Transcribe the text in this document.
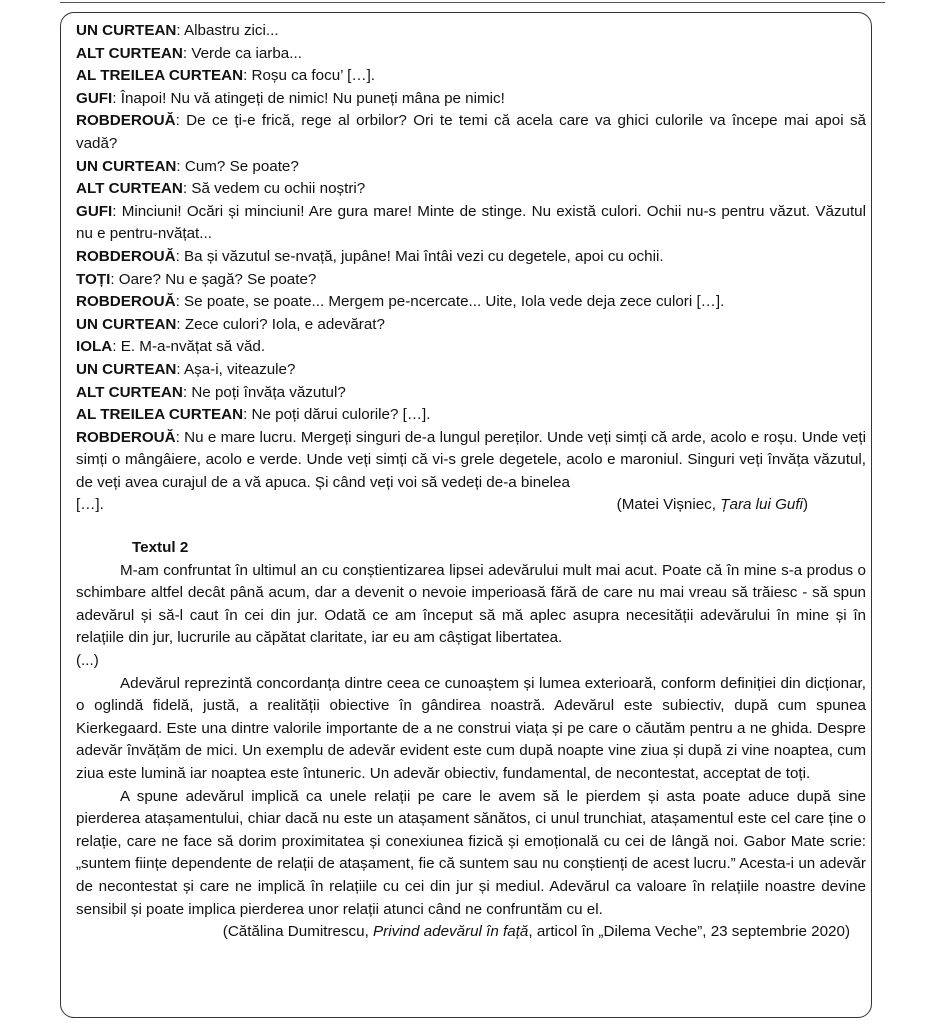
UN CURTEAN: Albastru zici...

ALT CURTEAN: Verde ca iarba...

AL TREILEA CURTEAN: Roșu ca focu’ […].

GUFI: Înapoi! Nu vă atingeți de nimic! Nu puneți mâna pe nimic!

ROBDEROUĂ: De ce ți-e frică, rege al orbilor? Ori te temi că acela care va ghici culorile va începe mai apoi să vadă?

UN CURTEAN: Cum? Se poate?

ALT CURTEAN: Să vedem cu ochii noștri?

GUFI: Minciuni! Ocări și minciuni! Are gura mare! Minte de stinge. Nu există culori. Ochii nu-s pentru văzut. Văzutul nu e pentru-nvățat...

ROBDEROUĂ: Ba și văzutul se-nvață, jupâne! Mai întâi vezi cu degetele, apoi cu ochii.

TOȚI: Oare? Nu e șagă? Se poate?

ROBDEROUĂ: Se poate, se poate... Mergem pe-ncercate... Uite, Iola vede deja zece culori […].

UN CURTEAN: Zece culori? Iola, e adevărat?

IOLA: E. M-a-nvățat să văd.

UN CURTEAN: Așa-i, viteazule?

ALT CURTEAN: Ne poți învăța văzutul?

AL TREILEA CURTEAN: Ne poți dărui culorile? […].

ROBDEROUĂ: Nu e mare lucru. Mergeți singuri de-a lungul pereților. Unde veți simți că arde, acolo e roșu. Unde veți simți o mângâiere, acolo e verde. Unde veți simți că vi-s grele degetele, acolo e maroniul. Singuri veți învăța văzutul, de veți avea curajul de a vă apuca. Și când veți voi să vedeți de-a binelea

[…].	(Matei Vișniec, Țara lui Gufi)

Textul 2

M-am confruntat în ultimul an cu conștientizarea lipsei adevărului mult mai acut. Poate că în mine s-a produs o schimbare altfel decât până acum, dar a devenit o nevoie imperioasă fără de care nu mai vreau să trăiesc - să spun adevărul și să-l caut în cei din jur. Odată ce am început să mă aplec asupra necesității adevărului în mine și în relațiile din jur, lucrurile au căpătat claritate, iar eu am câștigat libertatea.

(...)

Adevărul reprezintă concordanța dintre ceea ce cunoaștem și lumea exterioară, conform definiției din dicționar, o oglindă fidelă, justă, a realității obiective în gândirea noastră. Adevărul este subiectiv, după cum spunea Kierkegaard. Este una dintre valorile importante de a ne construi viața și pe care o căutăm pentru a ne ghida. Despre adevăr învățăm de mici. Un exemplu de adevăr evident este cum după noapte vine ziua și după zi vine noaptea, cum ziua este lumină iar noaptea este întuneric. Un adevăr obiectiv, fundamental, de necontestat, acceptat de toți.

A spune adevărul implică ca unele relații pe care le avem să le pierdem și asta poate aduce după sine pierderea atașamentului, chiar dacă nu este un atașament sănătos, ci unul trunchiat, atașamentul este cel care ține o relație, care ne face să dorim proximitatea și conexiunea fizică și emoțională cu cei de lângă noi. Gabor Mate scrie: „suntem ființe dependente de relații de atașament, fie că suntem sau nu conștienți de acest lucru.” Acesta-i un adevăr de necontestat și care ne implică în relațiile cu cei din jur și mediul. Adevărul ca valoare în relațiile noastre devine sensibil și poate implica pierderea unor relații atunci când ne confruntăm cu el.

(Cătălina Dumitrescu, Privind adevărul în față, articol în „Dilema Veche”, 23 septembrie 2020)
